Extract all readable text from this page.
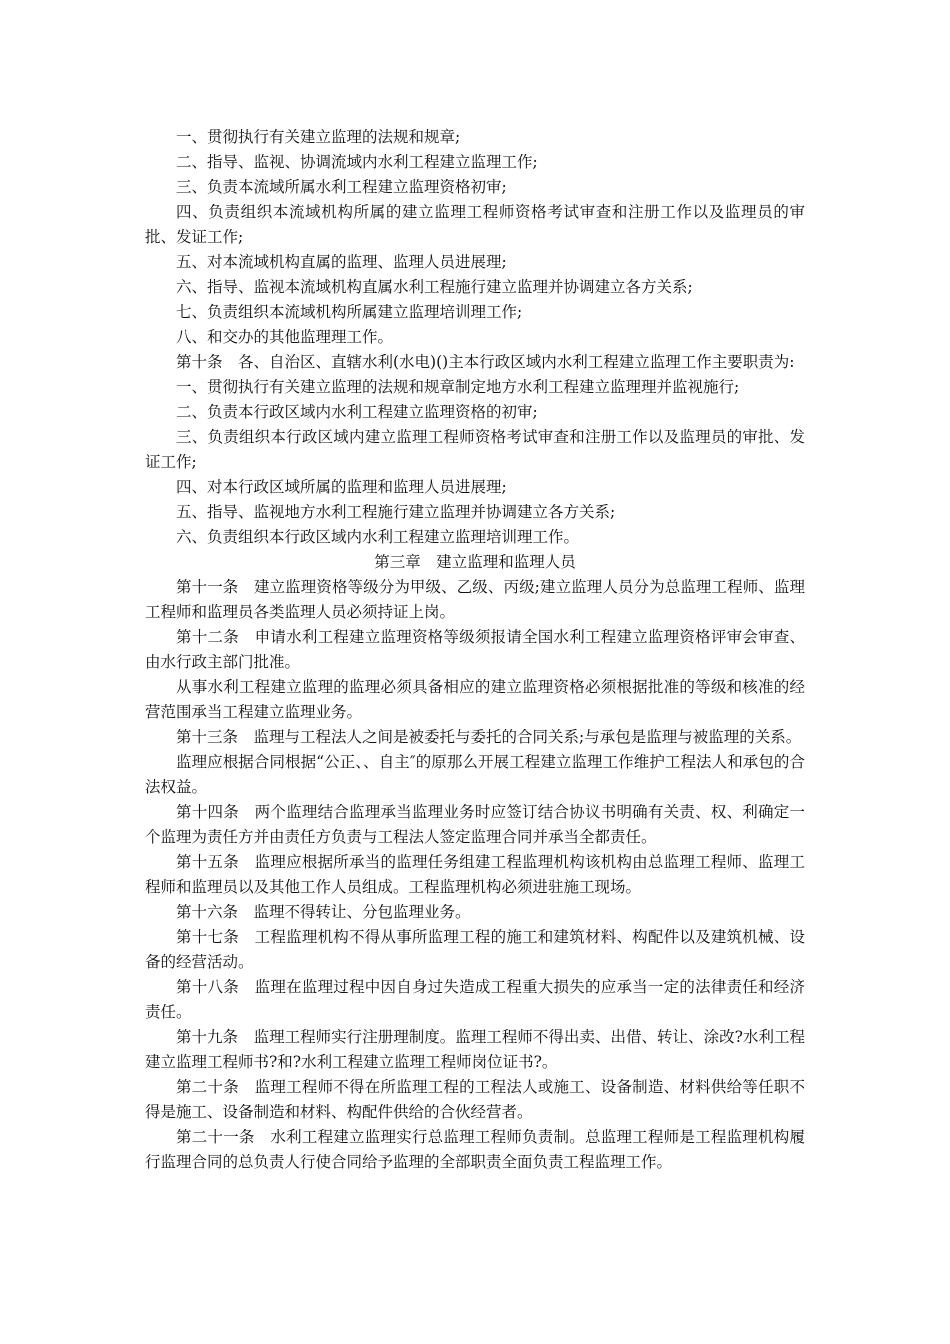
一、贯彻执行有关建立监理的法规和规章;

二、指导、监视、协调流域内水利工程建立监理工作;

三、负责本流域所属水利工程建立监理资格初审;

四、负责组织本流域机构所属的建立监理工程师资格考试审查和注册工作以及监理员的审批、发证工作;

五、对本流域机构直属的监理、监理人员进展理;

六、指导、监视本流域机构直属水利工程施行建立监理并协调建立各方关系;

七、负责组织本流域机构所属建立监理培训理工作;

八、和交办的其他监理理工作。

第十条　各、自治区、直辖水利(水电)()主本行政区域内水利工程建立监理工作主要职责为:

一、贯彻执行有关建立监理的法规和规章制定地方水利工程建立监理理并监视施行;

二、负责本行政区域内水利工程建立监理资格的初审;

三、负责组织本行政区域内建立监理工程师资格考试审查和注册工作以及监理员的审批、发证工作;

四、对本行政区域所属的监理和监理人员进展理;

五、指导、监视地方水利工程施行建立监理并协调建立各方关系;

六、负责组织本行政区域内水利工程建立监理培训理工作。

第三章　建立监理和监理人员

第十一条　建立监理资格等级分为甲级、乙级、丙级;建立监理人员分为总监理工程师、监理工程师和监理员各类监理人员必须持证上岗。

第十二条　申请水利工程建立监理资格等级须报请全国水利工程建立监理资格评审会审查、由水行政主部门批准。

从事水利工程建立监理的监理必须具备相应的建立监理资格必须根据批准的等级和核准的经营范围承当工程建立监理业务。

第十三条　监理与工程法人之间是被委托与委托的合同关系;与承包是监理与被监理的关系。

监理应根据合同根据“公正、、自主″的原那么开展工程建立监理工作维护工程法人和承包的合法权益。

第十四条　两个监理结合监理承当监理业务时应签订结合协议书明确有关责、权、利确定一个监理为责任方并由责任方负责与工程法人签定监理合同并承当全都责任。

第十五条　监理应根据所承当的监理任务组建工程监理机构该机构由总监理工程师、监理工程师和监理员以及其他工作人员组成。工程监理机构必须进驻施工现场。

第十六条　监理不得转让、分包监理业务。

第十七条　工程监理机构不得从事所监理工程的施工和建筑材料、构配件以及建筑机械、设备的经营活动。

第十八条　监理在监理过程中因自身过失造成工程重大损失的应承当一定的法律责任和经济责任。

第十九条　监理工程师实行注册理制度。监理工程师不得出卖、出借、转让、涂改?水利工程建立监理工程师书?和?水利工程建立监理工程师岗位证书?。

第二十条　监理工程师不得在所监理工程的工程法人或施工、设备制造、材料供给等任职不得是施工、设备制造和材料、构配件供给的合伙经营者。

第二十一条　水利工程建立监理实行总监理工程师负责制。总监理工程师是工程监理机构履行监理合同的总负责人行使合同给予监理的全部职责全面负责工程监理工作。
